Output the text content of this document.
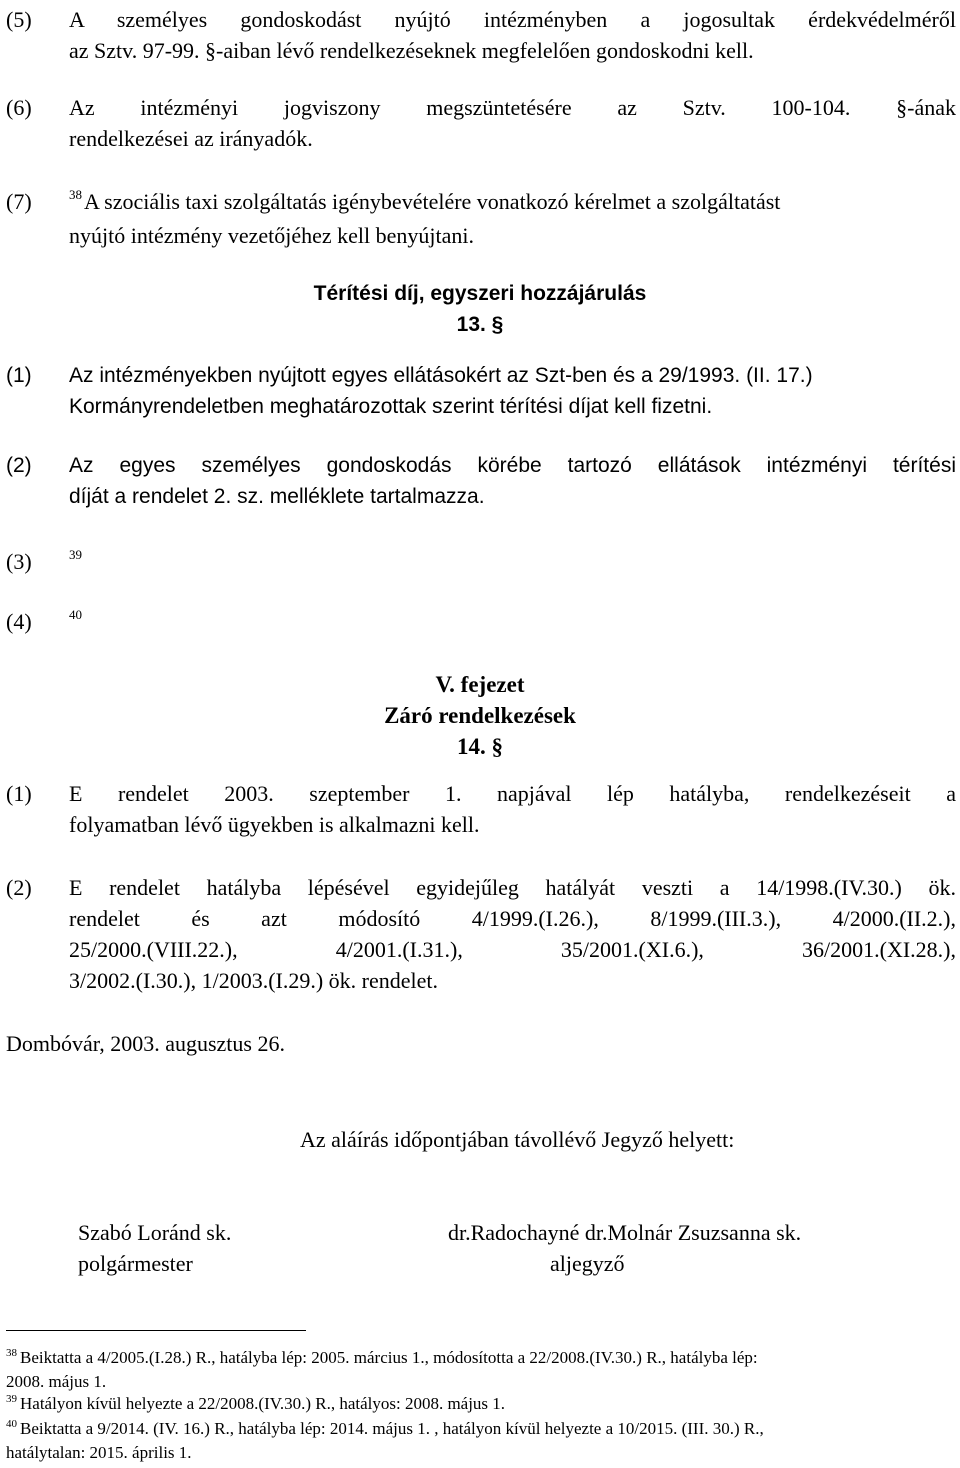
(5) A személyes gondoskodást nyújtó intézményben a jogosultak érdekvédelméről
az Sztv. 97-99. §-aiban lévő rendelkezéseknek megfelelően gondoskodni kell.
(6) Az intézményi jogviszony megszüntetésére az Sztv. 100-104. §-ának
rendelkezései az irányadók.
(7)	$^{38}$A szociális taxi szolgáltatás igénybevételére vonatkozó kérelmet a szolgáltatást
nyújtó intézmény vezetőjéhez kell benyújtani.
Térítési díj, egyszeri hozzájárulás
13. §
(1) Az intézményekben nyújtott egyes ellátásokért az Szt-ben és a 29/1993. (II. 17.)
Kormányrendeletben meghatározottak szerint térítési díjat kell fizetni.
(2) Az egyes személyes gondoskodás körébe tartozó ellátások intézményi térítési
díját a rendelet 2. sz. melléklete tartalmazza.
(3)	$^{39}$
(4)	$^{40}$
V. fejezet
Záró rendelkezések
14. §
(1) E rendelet 2003. szeptember 1. napjával lép hatályba, rendelkezéseit a
folyamatban lévő ügyekben is alkalmazni kell.
(2) E rendelet hatályba lépésével egyidejűleg hatályát veszti a 14/1998.(IV.30.) ök.
rendelet és azt módosító 4/1999.(I.26.), 8/1999.(III.3.), 4/2000.(II.2.),
25/2000.(VIII.22.), 4/2001.(I.31.), 35/2001.(XI.6.), 36/2001.(XI.28.),
3/2002.(I.30.), 1/2003.(I.29.) ök. rendelet.
Dombóvár, 2003. augusztus 26.
Az aláírás időpontjában távollévő Jegyző helyett:
Szabó Loránd sk.
polgármester
dr.Radochayné dr.Molnár Zsuzsanna sk.
aljegyző
$^{38}$ Beiktatta a 4/2005.(I.28.) R., hatályba lép: 2005. március 1., módosította a 22/2008.(IV.30.) R., hatályba lép:
2008. május 1.
$^{39}$ Hatályon kívül helyezte a 22/2008.(IV.30.) R., hatályos: 2008. május 1.
$^{40}$ Beiktatta a 9/2014. (IV. 16.) R., hatályba lép: 2014. május 1. , hatályon kívül helyezte a 10/2015. (III. 30.) R.,
hatálytalan: 2015. április 1.
